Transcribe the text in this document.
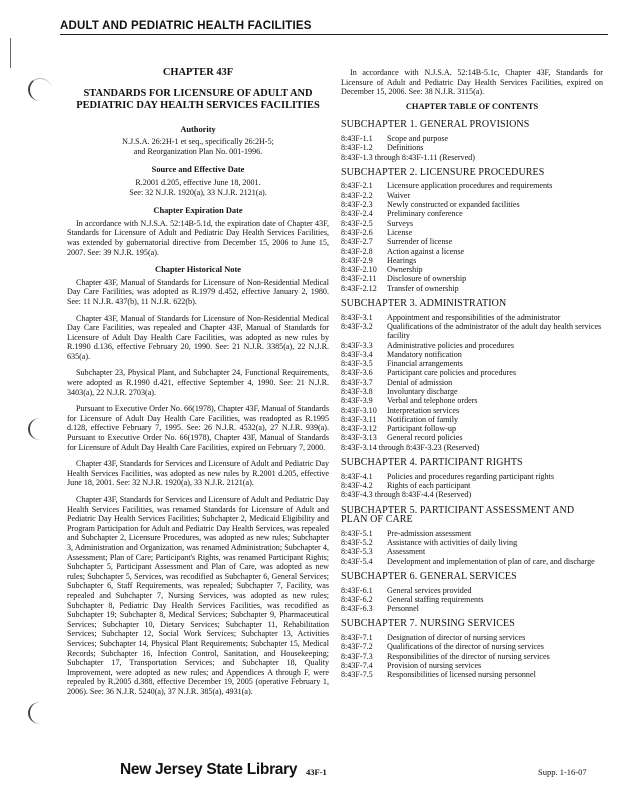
ADULT AND PEDIATRIC HEALTH FACILITIES
CHAPTER 43F
STANDARDS FOR LICENSURE OF ADULT AND
PEDIATRIC DAY HEALTH SERVICES FACILITIES
Authority
N.J.S.A. 26:2H-1 et seq., specifically 26:2H-5;
and Reorganization Plan No. 001-1996.
Source and Effective Date
R.2001 d.205, effective June 18, 2001.
See: 32 N.J.R. 1920(a), 33 N.J.R. 2121(a).
Chapter Expiration Date

In accordance with N.J.S.A. 52:14B-5.1d, the expiration date of Chapter 43F, Standards for Licensure of Adult and Pediatric Day Health Services Facilities, was extended by gubernatorial directive from December 15, 2006 to June 15, 2007. See: 39 N.J.R. 195(a).

Chapter Historical Note

Chapter 43F, Manual of Standards for Licensure of Non-Residential Medical Day Care Facilities, was adopted as R.1979 d.452, effective January 2, 1980. See: 11 N.J.R. 437(b), 11 N.J.R. 622(b).

Chapter 43F, Manual of Standards for Licensure of Non-Residential Medical Day Care Facilities, was repealed and Chapter 43F, Manual of Standards for Licensure of Adult Day Health Care Facilities, was adopted as new rules by R.1990 d.136, effective February 20, 1990. See: 21 N.J.R. 3385(a), 22 N.J.R. 635(a).

Subchapter 23, Physical Plant, and Subchapter 24, Functional Requirements, were adopted as R.1990 d.421, effective September 4, 1990. See: 21 N.J.R. 3403(a), 22 N.J.R. 2703(a).

Pursuant to Executive Order No. 66(1978), Chapter 43F, Manual of Standards for Licensure of Adult Day Health Care Facilities, was readopted as R.1995 d.128, effective February 7, 1995. See: 26 N.J.R. 4532(a), 27 N.J.R. 939(a). Pursuant to Executive Order No. 66(1978), Chapter 43F, Manual of Standards for Licensure of Adult Day Health Care Facilities, expired on February 7, 2000.

Chapter 43F, Standards for Services and Licensure of Adult and Pediatric Day Health Services Facilities, was adopted as new rules by R.2001 d.205, effective June 18, 2001. See: 32 N.J.R. 1920(a), 33 N.J.R. 2121(a).

Chapter 43F, Standards for Services and Licensure of Adult and Pediatric Day Health Services Facilities, was renamed Standards for Licensure of Adult and Pediatric Day Health Services Facilities; Subchapter 2, Medicaid Eligibility and Program Participation for Adult and Pediatric Day Health Services, was repealed and Subchapter 2, Licensure Procedures, was adopted as new rules; Subchapter 3, Administration and Organization, was renamed Administration; Subchapter 4, Assessment; Plan of Care; Participant's Rights, was renamed Participant Rights; Subchapter 5, Participant Assessment and Plan of Care, was adopted as new rules; Subchapter 5, Services, was recodified as Subchapter 6, General Services; Subchapter 6, Staff Requirements, was repealed; Subchapter 7, Facility, was repealed and Subchapter 7, Nursing Services, was adopted as new rules; Subchapter 8, Pediatric Day Health Services Facilities, was recodified as Subchapter 19; Subchapter 8, Medical Services; Subchapter 9, Pharmaceutical Services; Subchapter 10, Dietary Services; Subchapter 11, Rehabilitation Services; Subchapter 12, Social Work Services; Subchapter 13, Activities Services; Subchapter 14, Physical Plant Requirements; Subchapter 15, Medical Records; Subchapter 16, Infection Control, Sanitation, and Housekeeping; Subchapter 17, Transportation Services; and Subchapter 18, Quality Improvement, were adopted as new rules; and Appendices A through F, were repealed by R.2005 d.388, effective December 19, 2005 (operative February 1, 2006). See: 36 N.J.R. 5240(a), 37 N.J.R. 385(a), 4931(a).

In accordance with N.J.S.A. 52:14B-5.1c, Chapter 43F, Standards for Licensure of Adult and Pediatric Day Health Services Facilities, expired on December 15, 2006. See: 38 N.J.R. 3115(a).

CHAPTER TABLE OF CONTENTS
SUBCHAPTER 1. GENERAL PROVISIONS
8:43F-1.1	Scope and purpose
8:43F-1.2	Definitions
8:43F-1.3 through 8:43F-1.11 (Reserved)
SUBCHAPTER 2. LICENSURE PROCEDURES
8:43F-2.1	Licensure application procedures and requirements
8:43F-2.2	Waiver
8:43F-2.3	Newly constructed or expanded facilities
8:43F-2.4	Preliminary conference
8:43F-2.5	Surveys
8:43F-2.6	License
8:43F-2.7	Surrender of license
8:43F-2.8	Action against a license
8:43F-2.9	Hearings
8:43F-2.10	Ownership
8:43F-2.11	Disclosure of ownership
8:43F-2.12	Transfer of ownership
SUBCHAPTER 3. ADMINISTRATION
8:43F-3.1	Appointment and responsibilities of the administrator
8:43F-3.2	Qualifications of the administrator of the adult day health services facility
8:43F-3.3	Administrative policies and procedures
8:43F-3.4	Mandatory notification
8:43F-3.5	Financial arrangements
8:43F-3.6	Participant care policies and procedures
8:43F-3.7	Denial of admission
8:43F-3.8	Involuntary discharge
8:43F-3.9	Verbal and telephone orders
8:43F-3.10	Interpretation services
8:43F-3.11	Notification of family
8:43F-3.12	Participant follow-up
8:43F-3.13	General record policies
8:43F-3.14 through 8:43F-3.23 (Reserved)
SUBCHAPTER 4. PARTICIPANT RIGHTS
8:43F-4.1	Policies and procedures regarding participant rights
8:43F-4.2	Rights of each participant
8:43F-4.3 through 8:43F-4.4 (Reserved)
SUBCHAPTER 5. PARTICIPANT ASSESSMENT AND PLAN OF CARE
8:43F-5.1	Pre-admission assessment
8:43F-5.2	Assistance with activities of daily living
8:43F-5.3	Assessment
8:43F-5.4	Development and implementation of plan of care, and discharge
SUBCHAPTER 6. GENERAL SERVICES
8:43F-6.1	General services provided
8:43F-6.2	General staffing requirements
8:43F-6.3	Personnel
SUBCHAPTER 7. NURSING SERVICES
8:43F-7.1	Designation of director of nursing services
8:43F-7.2	Qualifications of the director of nursing services
8:43F-7.3	Responsibilities of the director of nursing services
8:43F-7.4	Provision of nursing services
8:43F-7.5	Responsibilities of licensed nursing personnel
New Jersey State Library 43F-1	Supp. 1-16-07
